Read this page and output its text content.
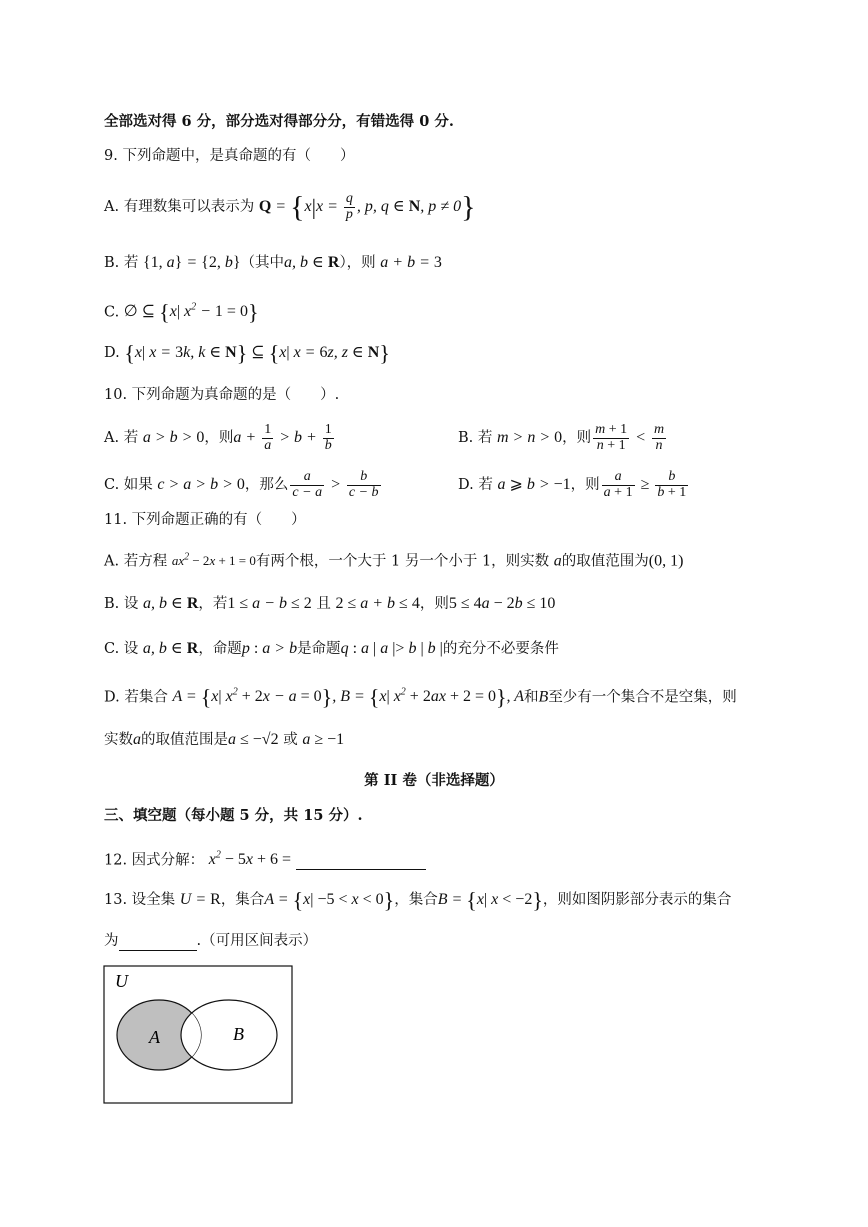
全部选对得 6 分，部分选对得部分分，有错选得 0 分.
9. 下列命题中，是真命题的有（　　）
A. 有理数集可以表示为 $Q = \{x|x = \frac{q}{p}$ , p, q ∈ N, p ≠ 0}
B. 若 {1, a} = {2, b}（其中a, b ∈ R），则 a + b = 3
C. ∅ ⊆ {x| $x^2 - 1 = 0$}
D. {x| x = 3k, k ∈ N} ⊆ {x| x = 6z, z ∈ N}
10. 下列命题为真命题的是（　　）.
A. 若 a > b > 0，则$a + \frac{1}{a} > b + \frac{1}{b}$	B. 若 m > n > 0，则 $\frac{m + 1}{n + 1} < \frac{m}{n}$
C. 如果 c > a > b > 0，那么 $\frac{a}{c - a} > \frac{b}{c - b}$	D. 若 a ⩾ b > −1，则 $\frac{a}{a + 1} \ge \frac{b}{b + 1}$
11. 下列命题正确的有（　　）
A. 若方程 $ax^2 - 2x + 1 = 0$有两个根，一个大于 1 另一个小于 1，则实数 a的取值范围为(0, 1)
B. 设 a, b ∈ R，若1 ≤ a − b ≤ 2 且 2 ≤ a + b ≤ 4，则5 ≤ 4a − 2b ≤ 10
C. 设 a, b ∈ R，命题p : a > b是命题q : a | a |> b | b |的充分不必要条件
D. 若集合 A = {x| $x^2 + 2x - a = 0$}, B = {x| $x^2 + 2ax + 2 = 0$}, A和B至少有一个集合不是空集，则
实数a的取值范围是a ≤ −√2 或 a ≥ −1
第 II 卷（非选择题）
三、填空题（每小题 5 分，共 15 分）.
12. 因式分解： $x^2 - 5x + 6$ =
13. 设全集 U = R，集合A = {x| −5 < x < 0}，集合B = {x| x < −2}，则如图阴影部分表示的集合
为	.（可用区间表示）
U
A	B
